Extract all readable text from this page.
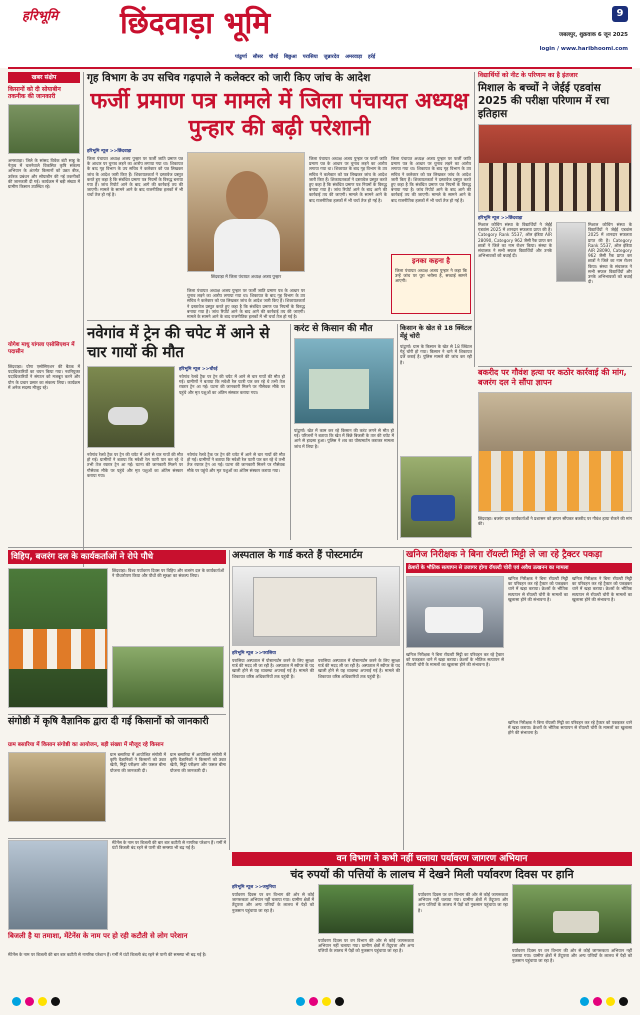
हरिभूमि छिंदवाड़ा भूमि	जबलपुर, शुक्रवाक 6 जून 2025
login / www.haribhoomi.com
9
पांढुर्णा सौसर चौरई बिछुआ परासिया जुन्नारदेव अमरवाड़ा हर्रई
खबर संक्षेप
किसानों को दी सोयाबीन तकनीक की जानकारी
अमरवाड़ा। जिले के सांसद विवेक बंटी साहू के नेतृत्व में चलनेवाले विकसित कृषि संकल्प अभियान के अंतर्गत किसानों को उन्नत बीज, उर्वरक प्रबंधन और सोयाबीन की नई तकनीकों की जानकारी दी गई। कार्यक्रम में बड़ी संख्या में ग्रामीण किसान उपस्थित रहे।
योगेश माधु यांगला एसोसिएशन में पदासीन
छिंदवाड़ा। योगा एसोसिएशन की बैठक में पदाधिकारियों का चयन किया गया। नवनियुक्त पदाधिकारियों ने संगठन को मजबूत करने और योग के प्रचार प्रसार का संकल्प लिया। कार्यक्रम में अनेक सदस्य मौजूद रहे।
गृह विभाग के उप सचिव गढ़पाले ने कलेक्टर को जारी किए जांच के आदेश
फर्जी प्रमाण पत्र मामले में जिला पंचायत अध्यक्ष पुन्हार की बढ़ी परेशानी
हरिभूमि न्यूज >>छिंदवाड़ा
जिला पंचायत अध्यक्ष अजय पुन्हार पर फर्जी जाति प्रमाण पत्र के आधार पर चुनाव लड़ने का आरोप लगाया गया था। शिकायत के बाद गृह विभाग के उप सचिव ने कलेक्टर को पत्र लिखकर जांच के आदेश जारी किए हैं। शिकायतकर्ता ने दस्तावेज प्रस्तुत करते हुए कहा है कि संबंधित प्रमाण पत्र नियमों के विरुद्ध बनाया गया है। जांच रिपोर्ट आने के बाद आगे की कार्रवाई तय की जाएगी। मामले के सामने आने के बाद राजनीतिक हलकों में भी चर्चा तेज हो गई है।
छिंदवाड़ा में जिला पंचायत अध्यक्ष अजय पुन्हार
जिला पंचायत अध्यक्ष अजय पुन्हार पर फर्जी जाति प्रमाण पत्र के आधार पर चुनाव लड़ने का आरोप लगाया गया था। शिकायत के बाद गृह विभाग के उप सचिव ने कलेक्टर को पत्र लिखकर जांच के आदेश जारी किए हैं। शिकायतकर्ता ने दस्तावेज प्रस्तुत करते हुए कहा है कि संबंधित प्रमाण पत्र नियमों के विरुद्ध बनाया गया है। जांच रिपोर्ट आने के बाद आगे की कार्रवाई तय की जाएगी। मामले के सामने आने के बाद राजनीतिक हलकों में भी चर्चा तेज हो गई है।
जिला पंचायत अध्यक्ष अजय पुन्हार पर फर्जी जाति प्रमाण पत्र के आधार पर चुनाव लड़ने का आरोप लगाया गया था। शिकायत के बाद गृह विभाग के उप सचिव ने कलेक्टर को पत्र लिखकर जांच के आदेश जारी किए हैं। शिकायतकर्ता ने दस्तावेज प्रस्तुत करते हुए कहा है कि संबंधित प्रमाण पत्र नियमों के विरुद्ध बनाया गया है। जांच रिपोर्ट आने के बाद आगे की कार्रवाई तय की जाएगी। मामले के सामने आने के बाद राजनीतिक हलकों में भी चर्चा तेज हो गई है।
जिला पंचायत अध्यक्ष अजय पुन्हार पर फर्जी जाति प्रमाण पत्र के आधार पर चुनाव लड़ने का आरोप लगाया गया था। शिकायत के बाद गृह विभाग के उप सचिव ने कलेक्टर को पत्र लिखकर जांच के आदेश जारी किए हैं। शिकायतकर्ता ने दस्तावेज प्रस्तुत करते हुए कहा है कि संबंधित प्रमाण पत्र नियमों के विरुद्ध बनाया गया है। जांच रिपोर्ट आने के बाद आगे की कार्रवाई तय की जाएगी। मामले के सामने आने के बाद राजनीतिक हलकों में भी चर्चा तेज हो गई है।
इनका कहना है
जिला पंचायत अध्यक्ष अजय पुन्हार ने कहा कि उन्हें जांच पर पूरा भरोसा है, सच्चाई सामने आएगी।
विद्यार्थियों को नीट के परिणाम का है इंतजार
मिशाल के बच्चों ने जेईई एडवांस 2025 की परीक्षा परिणाम में रचा इतिहास
हरिभूमि न्यूज >>छिंदवाड़ा
मिशाल कोचिंग संस्था के विद्यार्थियों ने जेईई एडवांस 2025 में शानदार सफलता प्राप्त की है। Category Rank 5537, ऑल इंडिया AIR 28090, Category 962 जैसी रैंक प्राप्त कर छात्रों ने जिले का नाम रोशन किया। संस्था के संचालक ने सभी सफल विद्यार्थियों और उनके अभिभावकों को बधाई दी।
मिशाल कोचिंग संस्था के विद्यार्थियों ने जेईई एडवांस 2025 में शानदार सफलता प्राप्त की है। Category Rank 5537, ऑल इंडिया AIR 28090, Category 962 जैसी रैंक प्राप्त कर छात्रों ने जिले का नाम रोशन किया। संस्था के संचालक ने सभी सफल विद्यार्थियों और उनके अभिभावकों को बधाई दी।
बकरीद पर गौवंश हत्या पर कठोर कार्रवाई की मांग, बजरंग दल ने सौंपा ज्ञापन
छिंदवाड़ा। बजरंग दल कार्यकर्ताओं ने प्रशासन को ज्ञापन सौंपकर बकरीद पर गौवंश हत्या रोकने की मांग की।
नवेगांव में ट्रेन की चपेट में आने से चार गायों की मौत
हरिभूमि न्यूज >>चौरई
नवेगांव रेलवे ट्रैक पर ट्रेन की चपेट में आने से चार गायों की मौत हो गई। ग्रामीणों ने बताया कि मवेशी रेल पटरी पार कर रहे थे तभी तेज रफ्तार ट्रेन आ गई। घटना की जानकारी मिलने पर गौसेवक मौके पर पहुंचे और मृत पशुओं का अंतिम संस्कार कराया गया।
नवेगांव रेलवे ट्रैक पर ट्रेन की चपेट में आने से चार गायों की मौत हो गई। ग्रामीणों ने बताया कि मवेशी रेल पटरी पार कर रहे थे तभी तेज रफ्तार ट्रेन आ गई। घटना की जानकारी मिलने पर गौसेवक मौके पर पहुंचे और मृत पशुओं का अंतिम संस्कार कराया गया।
नवेगांव रेलवे ट्रैक पर ट्रेन की चपेट में आने से चार गायों की मौत हो गई। ग्रामीणों ने बताया कि मवेशी रेल पटरी पार कर रहे थे तभी तेज रफ्तार ट्रेन आ गई। घटना की जानकारी मिलने पर गौसेवक मौके पर पहुंचे और मृत पशुओं का अंतिम संस्कार कराया गया।
करंट से किसान की मौत
पांढुर्णा। खेत में काम कर रहे किसान की करंट लगने से मौत हो गई। परिजनों ने बताया कि खेत में बिछे बिजली के तार की चपेट में आने से हादसा हुआ। पुलिस ने शव का पोस्टमार्टम कराकर मामला जांच में लिया है।
किसान के खेत से 18 क्विंटल मेंहूं चोरी
पांढुर्णा। ग्राम के किसान के खेत से 18 क्विंटल गेहूं चोरी हो गया। किसान ने थाने में शिकायत दर्ज कराई है। पुलिस मामले की जांच कर रही है।
विहिप, बजरंग दल के कार्यकर्ताओं ने रोपे पौधे
छिंदवाड़ा। विश्व पर्यावरण दिवस पर विहिप और बजरंग दल के कार्यकर्ताओं ने पौधारोपण किया और पौधों की सुरक्षा का संकल्प लिया।
अस्पताल के गार्ड करते हैं पोस्टमार्टम
हरिभूमि न्यूज >>परासिया
परासिया अस्पताल में पोस्टमार्टम करने के लिए सुरक्षा गार्ड की मदद ली जा रही है। अस्पताल में स्वीपर के पद खाली होने से यह व्यवस्था अपनाई गई है। मामले की शिकायत वरिष्ठ अधिकारियों तक पहुंची है।
परासिया अस्पताल में पोस्टमार्टम करने के लिए सुरक्षा गार्ड की मदद ली जा रही है। अस्पताल में स्वीपर के पद खाली होने से यह व्यवस्था अपनाई गई है। मामले की शिकायत वरिष्ठ अधिकारियों तक पहुंची है।
खनिज निरीक्षक ने बिना रॉयल्टी मिट्टी ले जा रहे ट्रैक्टर पकड़ा
क्रेशरों के भौतिक सत्यापन से उजागर होगा रॉयल्टी चोरी एवं अवैध उत्खनन का मामला
खनिज निरीक्षक ने बिना रॉयल्टी मिट्टी का परिवहन कर रहे ट्रैक्टर को पकड़कर थाने में खड़ा कराया। क्रेशरों के भौतिक सत्यापन से रॉयल्टी चोरी के मामलों का खुलासा होने की संभावना है।
खनिज निरीक्षक ने बिना रॉयल्टी मिट्टी का परिवहन कर रहे ट्रैक्टर को पकड़कर थाने में खड़ा कराया। क्रेशरों के भौतिक सत्यापन से रॉयल्टी चोरी के मामलों का खुलासा होने की संभावना है।
खनिज निरीक्षक ने बिना रॉयल्टी मिट्टी का परिवहन कर रहे ट्रैक्टर को पकड़कर थाने में खड़ा कराया। क्रेशरों के भौतिक सत्यापन से रॉयल्टी चोरी के मामलों का खुलासा होने की संभावना है।
खनिज निरीक्षक ने बिना रॉयल्टी मिट्टी का परिवहन कर रहे ट्रैक्टर को पकड़कर थाने में खड़ा कराया। क्रेशरों के भौतिक सत्यापन से रॉयल्टी चोरी के मामलों का खुलासा होने की संभावना है।
संगोष्ठी में कृषि वैज्ञानिक द्वारा दी गई किसानों को जानकारी
ग्राम बसारिया में किसान संगोष्ठी का आयोजन, बड़ी संख्या में मौजूद रहे किसान
ग्राम बसारिया में आयोजित संगोष्ठी में कृषि वैज्ञानिकों ने किसानों को उन्नत खेती, मिट्टी परीक्षण और फसल बीमा योजना की जानकारी दी।
ग्राम बसारिया में आयोजित संगोष्ठी में कृषि वैज्ञानिकों ने किसानों को उन्नत खेती, मिट्टी परीक्षण और फसल बीमा योजना की जानकारी दी।
वन विभाग ने कभी नहीं चलाया पर्यावरण जागरण अभियान
चंद रुपयों की पत्तियों के लालच में देखने मिली पर्यावरण दिवस पर हानि
हरिभूमि न्यूज >>जमुनिया
पर्यावरण दिवस पर वन विभाग की ओर से कोई जागरूकता अभियान नहीं चलाया गया। ग्रामीण क्षेत्रों में तेंदूपत्ता और अन्य पत्तियों के लालच में पेड़ों को नुकसान पहुंचाया जा रहा है।
पर्यावरण दिवस पर वन विभाग की ओर से कोई जागरूकता अभियान नहीं चलाया गया। ग्रामीण क्षेत्रों में तेंदूपत्ता और अन्य पत्तियों के लालच में पेड़ों को नुकसान पहुंचाया जा रहा है।
पर्यावरण दिवस पर वन विभाग की ओर से कोई जागरूकता अभियान नहीं चलाया गया। ग्रामीण क्षेत्रों में तेंदूपत्ता और अन्य पत्तियों के लालच में पेड़ों को नुकसान पहुंचाया जा रहा है।
पर्यावरण दिवस पर वन विभाग की ओर से कोई जागरूकता अभियान नहीं चलाया गया। ग्रामीण क्षेत्रों में तेंदूपत्ता और अन्य पत्तियों के लालच में पेड़ों को नुकसान पहुंचाया जा रहा है।
मेंटेनेंस के नाम पर बिजली की बार बार कटौती से नागरिक परेशान हैं। गर्मी में घंटों बिजली बंद रहने से पानी की समस्या भी बढ़ गई है।
बिजली है या तमाशा, मेंटेनेंस के नाम पर हो रही कटौती से लोग परेशान
मेंटेनेंस के नाम पर बिजली की बार बार कटौती से नागरिक परेशान हैं। गर्मी में घंटों बिजली बंद रहने से पानी की समस्या भी बढ़ गई है।
